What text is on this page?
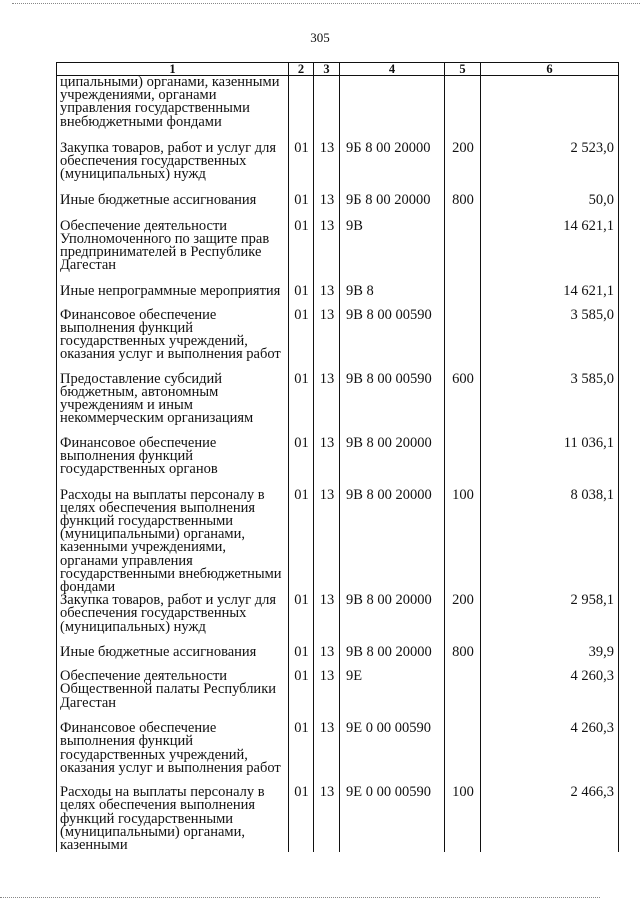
305
1	2	3	4	5	6
ципальными) органами, казенными учреждениями, органами управления государственными внебюджетными фондами					
Закупка товаров, работ и услуг для обеспечения государственных (муниципальных) нужд	01	13	9Б 8 00 20000	200	2 523,0
Иные бюджетные ассигнования	01	13	9Б 8 00 20000	800	50,0
Обеспечение деятельности Уполномоченного по защите прав предпринимателей в Республике Дагестан	01	13	9В		14 621,1
Иные непрограммные мероприятия	01	13	9В 8		14 621,1
Финансовое обеспечение выполнения функций государственных учреждений, оказания услуг и выполнения работ	01	13	9В 8 00 00590		3 585,0
Предоставление субсидий бюджетным, автономным учреждениям и иным некоммерческим организациям	01	13	9В 8 00 00590	600	3 585,0
Финансовое обеспечение выполнения функций государственных органов	01	13	9В 8 00 20000		11 036,1
Расходы на выплаты персоналу в целях обеспечения выполнения функций государственными (муниципальными) органами, казенными учреждениями, органами управления государственными внебюджетными фондами	01	13	9В 8 00 20000	100	8 038,1
Закупка товаров, работ и услуг для обеспечения государственных (муниципальных) нужд	01	13	9В 8 00 20000	200	2 958,1
Иные бюджетные ассигнования	01	13	9В 8 00 20000	800	39,9
Обеспечение деятельности Общественной палаты Республики Дагестан	01	13	9Е		4 260,3
Финансовое обеспечение выполнения функций государственных учреждений, оказания услуг и выполнения работ	01	13	9Е 0 00 00590		4 260,3
Расходы на выплаты персоналу в целях обеспечения выполнения функций государственными (муниципальными) органами, казенными	01	13	9Е 0 00 00590	100	2 466,3
